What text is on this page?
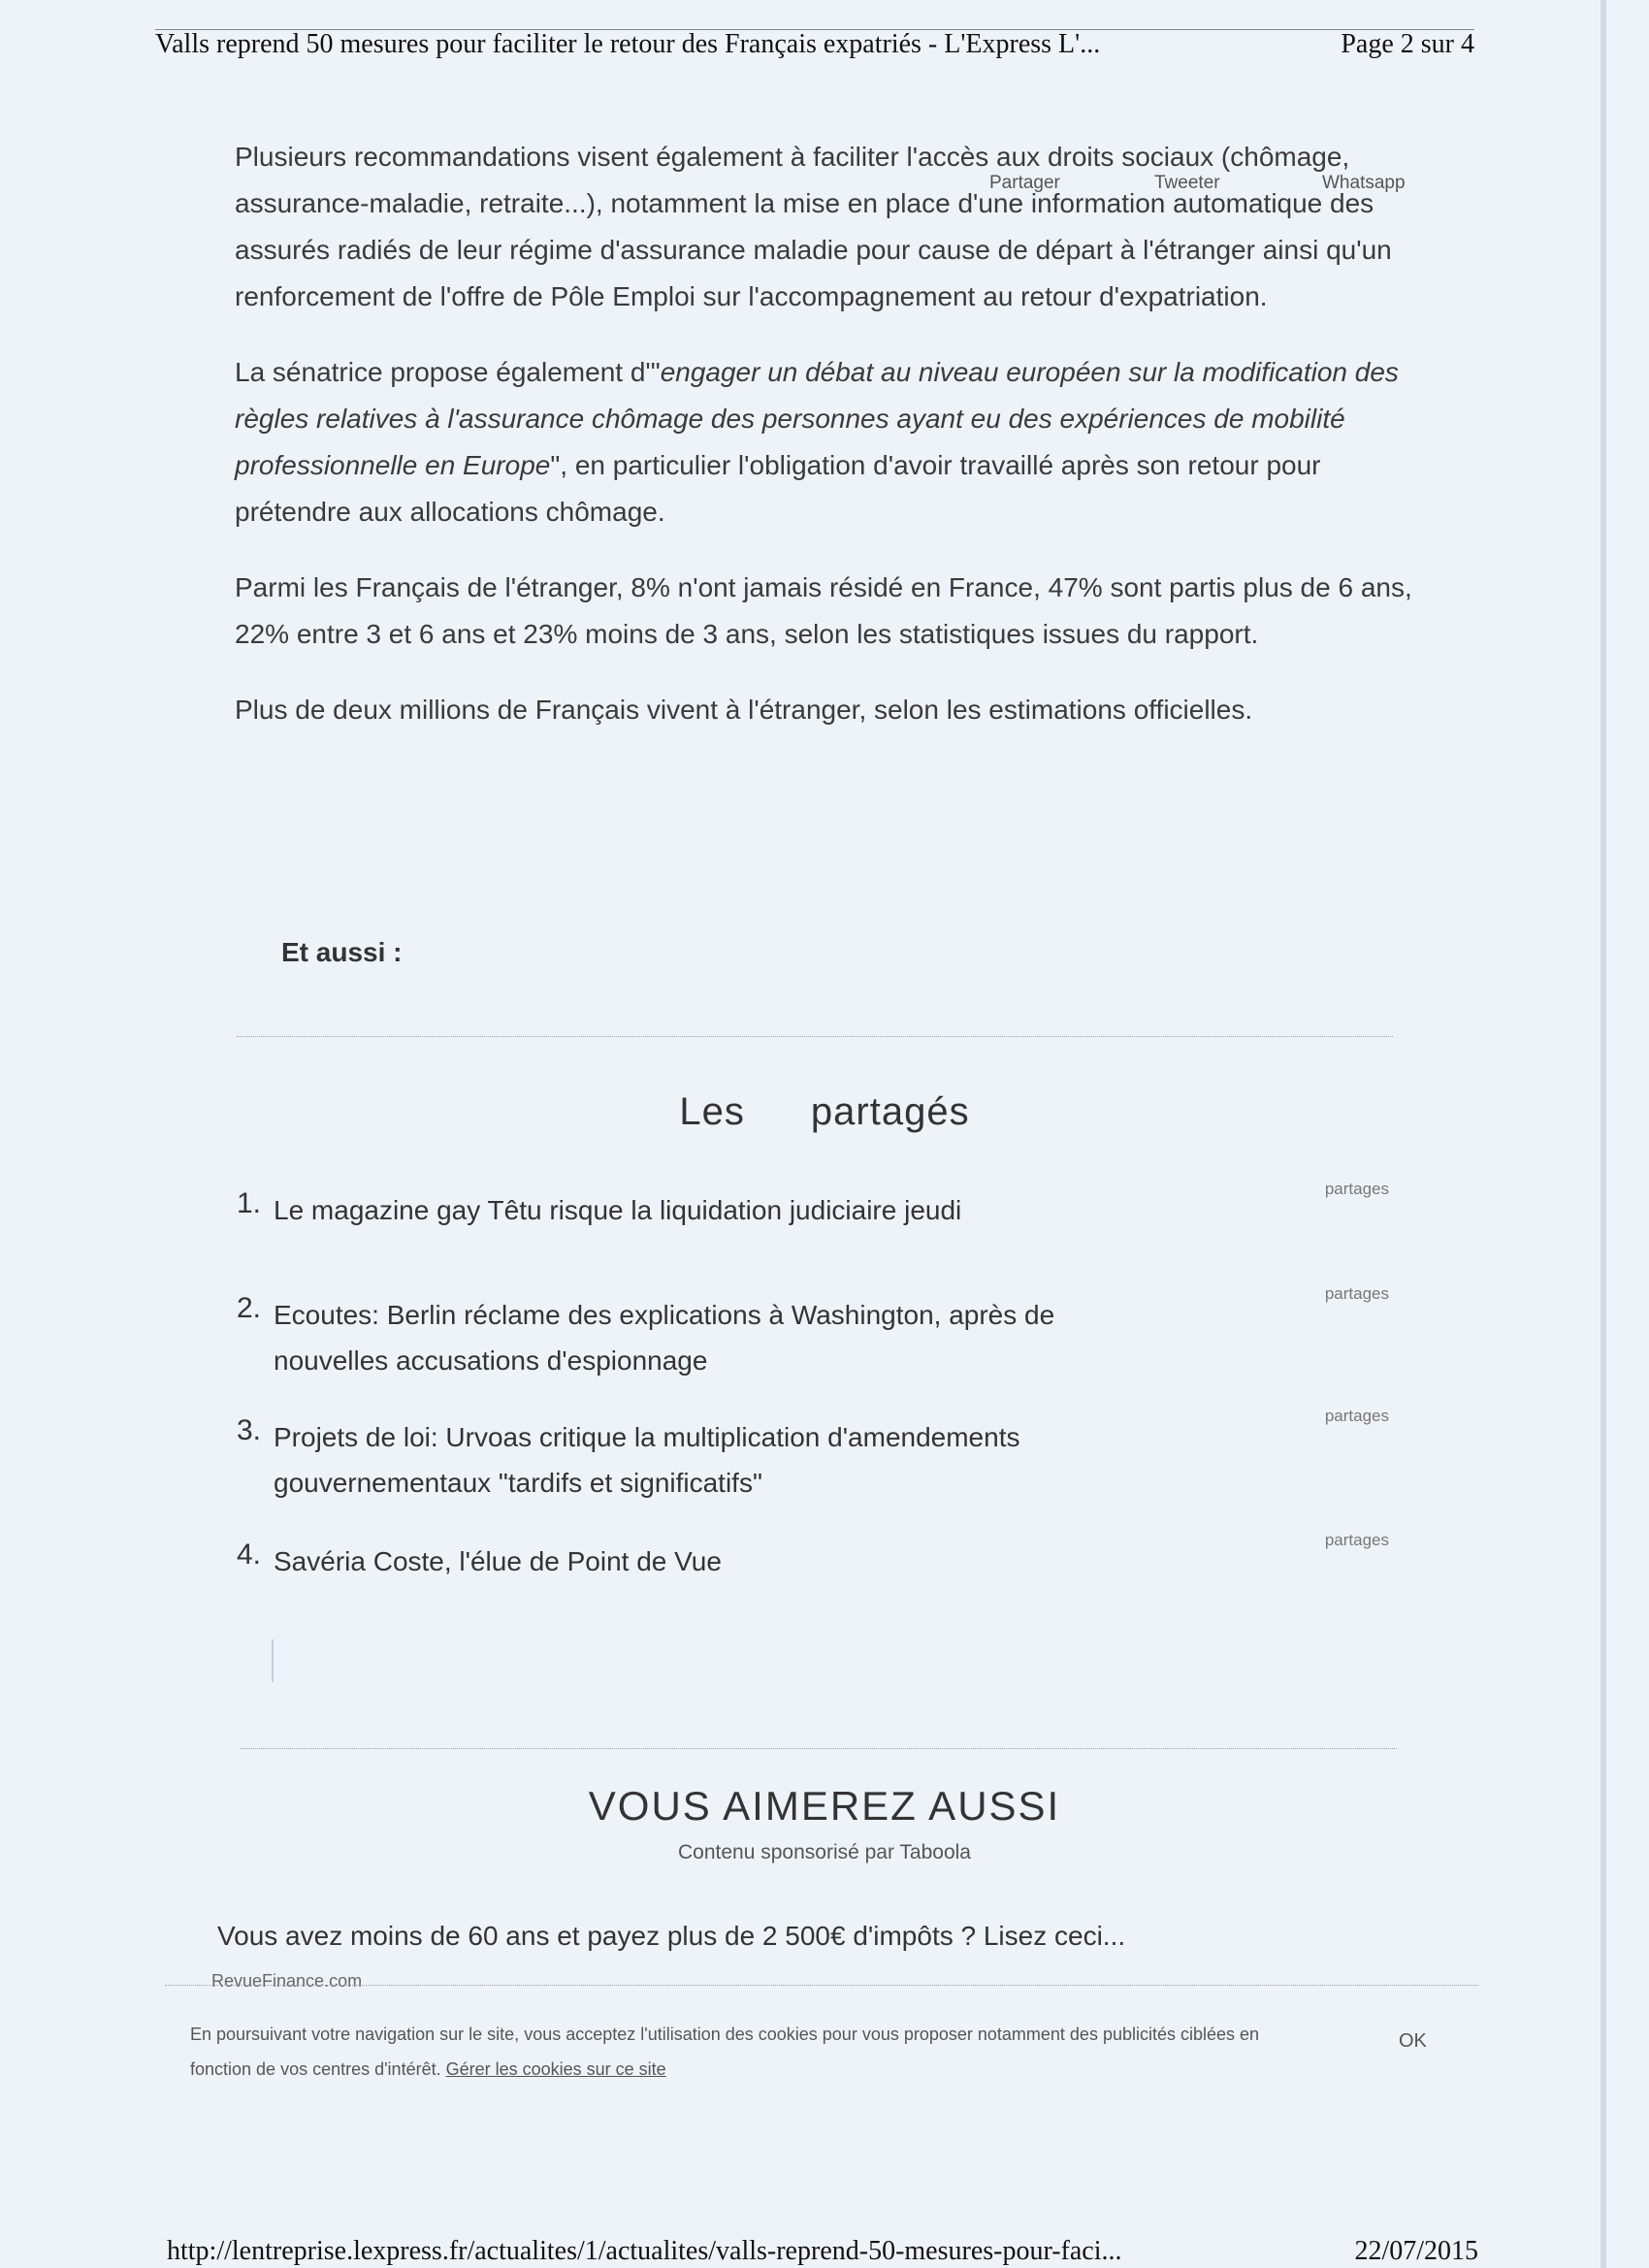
Valls reprend 50 mesures pour faciliter le retour des Français expatriés - L'Express L'...	Page 2 sur 4
Partager	Tweeter	Whatsapp

Plusieurs recommandations visent également à faciliter l'accès aux droits sociaux (chômage, assurance-maladie, retraite...), notamment la mise en place d'une information automatique des assurés radiés de leur régime d'assurance maladie pour cause de départ à l'étranger ainsi qu'un renforcement de l'offre de Pôle Emploi sur l'accompagnement au retour d'expatriation.

La sénatrice propose également d'"engager un débat au niveau européen sur la modification des règles relatives à l'assurance chômage des personnes ayant eu des expériences de mobilité professionnelle en Europe", en particulier l'obligation d'avoir travaillé après son retour pour prétendre aux allocations chômage.

Parmi les Français de l'étranger, 8% n'ont jamais résidé en France, 47% sont partis plus de 6 ans, 22% entre 3 et 6 ans et 23% moins de 3 ans, selon les statistiques issues du rapport.

Plus de deux millions de Français vivent à l'étranger, selon les estimations officielles.

Et aussi :
Les partagés
1. Le magazine gay Têtu risque la liquidation judiciaire jeudi
partages
2. Ecoutes: Berlin réclame des explications à Washington, après de nouvelles accusations d'espionnage
partages
3. Projets de loi: Urvoas critique la multiplication d'amendements gouvernementaux "tardifs et significatifs"
partages
4. Savéria Coste, l'élue de Point de Vue
partages
VOUS AIMEREZ AUSSI
Contenu sponsorisé par Taboola
Vous avez moins de 60 ans et payez plus de 2 500€ d'impôts ? Lisez ceci...
RevueFinance.com
En poursuivant votre navigation sur le site, vous acceptez l'utilisation des cookies pour vous proposer notamment des publicités ciblées en fonction de vos centres d'intérêt. Gérer les cookies sur ce site
OK
http://lentreprise.lexpress.fr/actualites/1/actualites/valls-reprend-50-mesures-pour-faci...	22/07/2015
